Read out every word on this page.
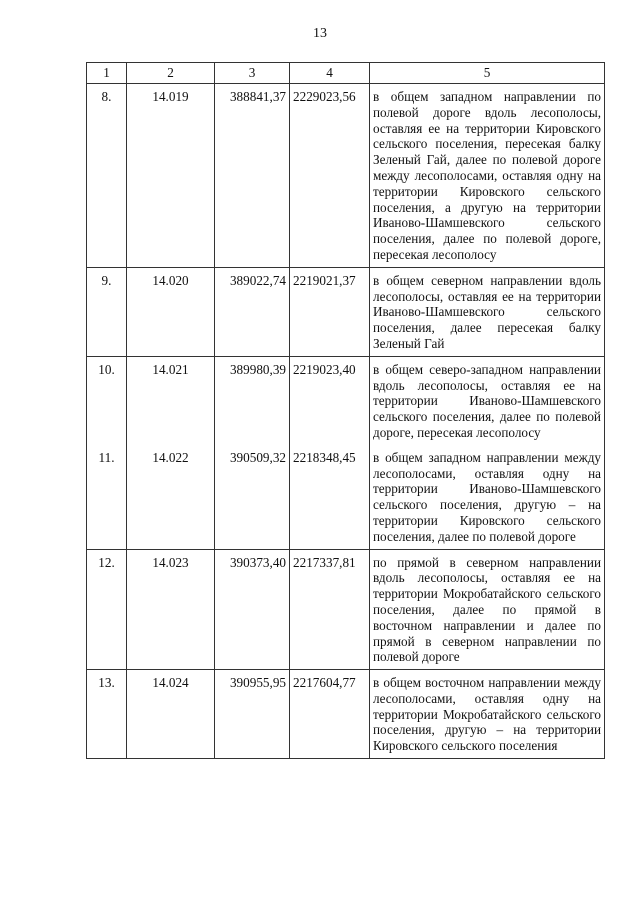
13
1	2	3	4	5
8.	14.019	388841,37	2229023,56	в общем западном направлении по полевой дороге вдоль лесополосы, оставляя ее на территории Кировского сельского поселения, пересекая балку Зеленый Гай, далее по полевой дороге между лесополосами, оставляя одну на территории Кировского сельского поселения, а другую на территории Иваново-Шамшевского сельского поселения, далее по полевой дороге, пересекая лесополосу
9.	14.020	389022,74	2219021,37	в общем северном направлении вдоль лесополосы, оставляя ее на территории Иваново-Шамшевского сельского поселения, далее пересекая балку Зеленый Гай
10.	14.021	389980,39	2219023,40	в общем северо-западном направлении вдоль лесополосы, оставляя ее на территории Иваново-Шамшевского сельского поселения, далее по полевой дороге, пересекая лесополосу
11.	14.022	390509,32	2218348,45	в общем западном направлении между лесополосами, оставляя одну на территории Иваново-Шамшевского сельского поселения, другую – на территории Кировского сельского поселения, далее по полевой дороге
12.	14.023	390373,40	2217337,81	по прямой в северном направлении вдоль лесополосы, оставляя ее на территории Мокробатайского сельского поселения, далее по прямой в восточном направлении и далее по прямой в северном направлении по полевой дороге
13.	14.024	390955,95	2217604,77	в общем восточном направлении между лесополосами, оставляя одну на территории Мокробатайского сельского поселения, другую – на территории Кировского сельского поселения
